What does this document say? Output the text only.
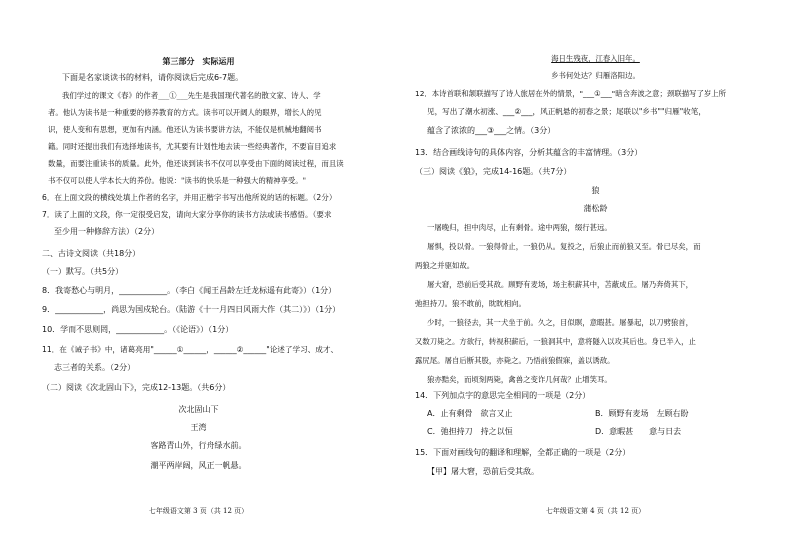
第三部分　实际运用
下面是名家谈读书的材料，请你阅读后完成6-7题。
我们学过的课文《春》的作者___①___先生是我国现代著名的散文家、诗人、学
者。他认为读书是一种重要的修养教育的方式。读书可以开阔人的眼界，增长人的见
识，使人变和有思想，更加有内涵。他还认为读书要讲方法，不能仅是机械地翻阅书
籍。同时还提出我们有选择地读书，尤其要有计划性地去读一些经典著作，不要盲目追求
数量，而要注重读书的质量。此外，他还谈到读书不仅可以享受由下面的阅读过程，而且读
书不仅可以使人学本长大的养份。他说："读书的快乐是一种强大的精神享受。"
6．在上面文段的横线处填上作者的名字，并用正楷字书写出他所说的话的标题。（2分）
7．读了上面的文段，你一定很受启发，请向大家分享你的读书方法或读书感悟。（要求
至少用一种修辞方法）（2分）
二、古诗文阅读（共18分）
（一）默写。（共5分）
8．我寄愁心与明月，____________。（李白《闻王昌龄左迁龙标遥有此寄》）（1分）
9．____________，尚思为国戍轮台。（陆游《十一月四日风雨大作（其二）》）（1分）
10．学而不思则罔，____________。（《论语》）（1分）
11．在《诫子书》中，诸葛亮用"______①______，______②______"论述了学习、成才、
志三者的关系。（2分）
（二）阅读《次北固山下》，完成12-13题。（共6分）
次北固山下
王湾
客路青山外，行舟绿水前。
潮平两岸阔，风正一帆悬。
七年级语文第 3 页（共 12 页）
海日生残夜，江春入旧年。
乡书何处达？归雁洛阳边。
12．本诗首联和颔联描写了诗人旅居在外的情景，"___①___"暗含奔波之意；颈联描写了岁上所
见，写出了潮水初涨、___②___，风正帆悬的初春之景；尾联以"乡书""归雁"收笔，
蕴含了浓浓的___③___之情。（3分）
13．结合画线诗句的具体内容，分析其蕴含的丰富情理。（3分）
（三）阅读《狼》，完成14-16题。（共7分）
狼
蒲松龄
一屠晚归，担中肉尽，止有剩骨。途中两狼，缀行甚远。
屠惧，投以骨。一狼得骨止，一狼仍从。复投之，后狼止而前狼又至。骨已尽矣，而
两狼之并驱如故。
屠大窘，恐前后受其敌。顾野有麦场，场主积薪其中，苫蔽成丘。屠乃奔倚其下，
弛担持刀。狼不敢前，眈眈相向。
少时，一狼径去，其一犬坐于前。久之，目似瞑，意暇甚。屠暴起，以刀劈狼首，
又数刀毙之。方欲行，转视积薪后，一狼洞其中，意将隧入以攻其后也。身已半入，止
露尻尾。屠自后断其股，亦毙之。乃悟前狼假寐，盖以诱敌。
狼亦黠矣，而顷刻两毙，禽兽之变诈几何哉？止增笑耳。
14．下列加点字的意思完全相同的一项是（2分）
A．止有剩骨　欲言又止	B．顾野有麦场　左顾右盼
C．弛担持刀　持之以恒	D．意暇甚　　意与日去
15．下面对画线句的翻译和理解，全都正确的一项是（2分）
【甲】屠大窘，恐前后受其敌。
七年级语文第 4 页（共 12 页）
